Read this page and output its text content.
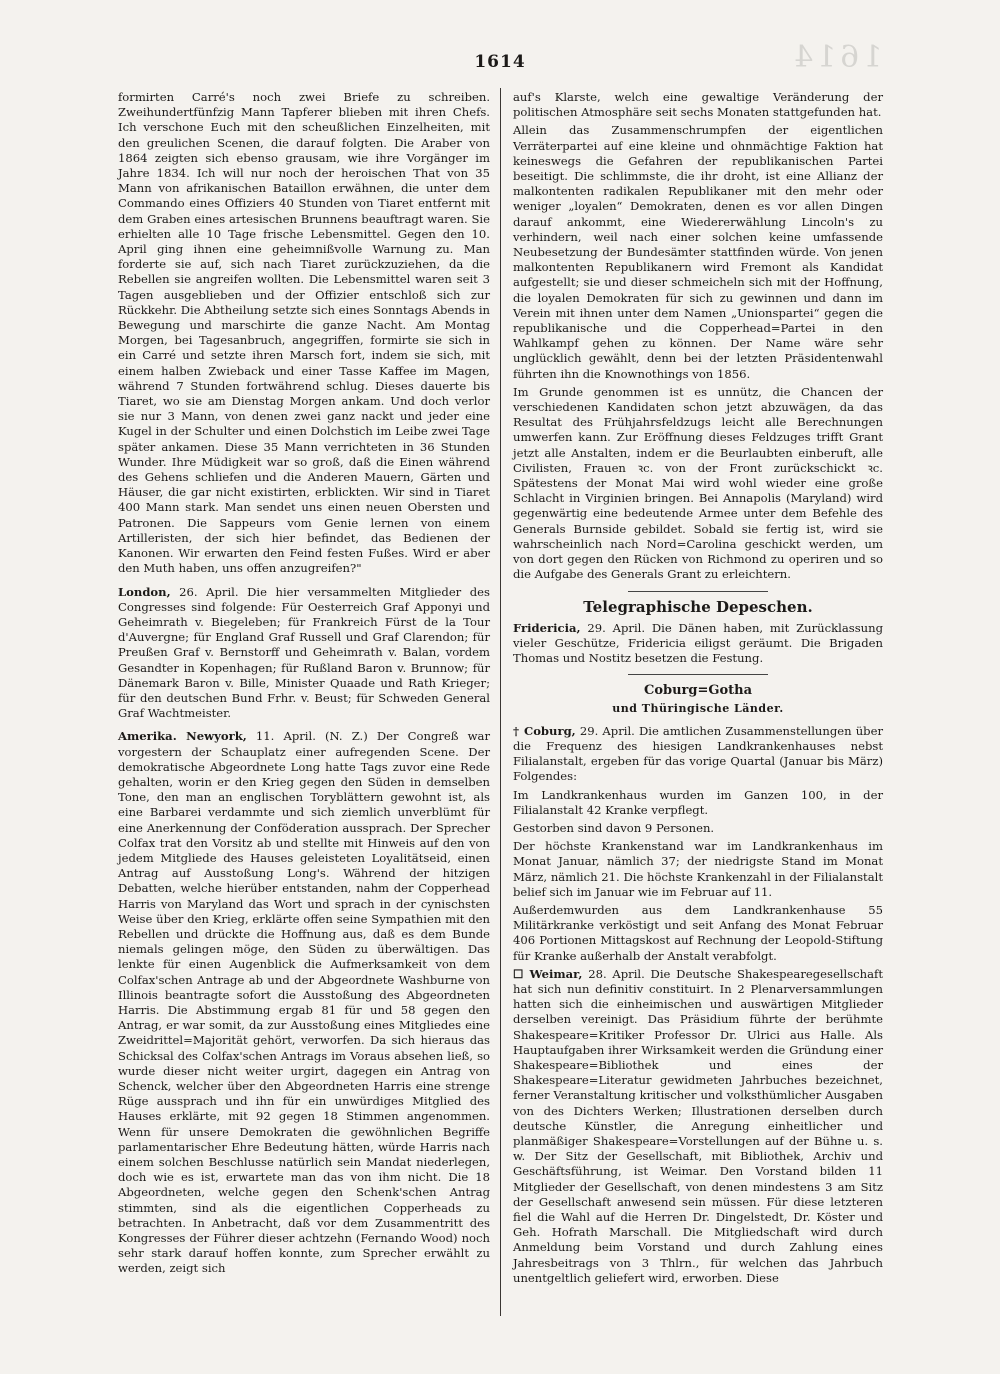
1614
1614

formirten Carré's noch zwei Briefe zu schreiben. Zweihundertfünfzig Mann Tapferer blieben mit ihren Chefs. Ich verschone Euch mit den scheußlichen Einzelheiten, mit den greulichen Scenen, die darauf folgten. Die Araber von 1864 zeigten sich ebenso grausam, wie ihre Vorgänger im Jahre 1834. Ich will nur noch der heroischen That von 35 Mann von afrikanischen Bataillon erwähnen, die unter dem Commando eines Offiziers 40 Stunden von Tiaret entfernt mit dem Graben eines artesischen Brunnens beauftragt waren. Sie erhielten alle 10 Tage frische Lebensmittel. Gegen den 10. April ging ihnen eine geheimnißvolle Warnung zu. Man forderte sie auf, sich nach Tiaret zurückzuziehen, da die Rebellen sie angreifen wollten. Die Lebensmittel waren seit 3 Tagen ausgeblieben und der Offizier entschloß sich zur Rückkehr. Die Abtheilung setzte sich eines Sonntags Abends in Bewegung und marschirte die ganze Nacht. Am Montag Morgen, bei Tagesanbruch, angegriffen, formirte sie sich in ein Carré und setzte ihren Marsch fort, indem sie sich, mit einem halben Zwieback und einer Tasse Kaffee im Magen, während 7 Stunden fortwährend schlug. Dieses dauerte bis Tiaret, wo sie am Dienstag Morgen ankam. Und doch verlor sie nur 3 Mann, von denen zwei ganz nackt und jeder eine Kugel in der Schulter und einen Dolchstich im Leibe zwei Tage später ankamen. Diese 35 Mann verrichteten in 36 Stunden Wunder. Ihre Müdigkeit war so groß, daß die Einen während des Gehens schliefen und die Anderen Mauern, Gärten und Häuser, die gar nicht existirten, erblickten. Wir sind in Tiaret 400 Mann stark. Man sendet uns einen neuen Obersten und Patronen. Die Sappeurs vom Genie lernen von einem Artilleristen, der sich hier befindet, das Bedienen der Kanonen. Wir erwarten den Feind festen Fußes. Wird er aber den Muth haben, uns offen anzugreifen?"

London, 26. April. Die hier versammelten Mitglieder des Congresses sind folgende: Für Oesterreich Graf Apponyi und Geheimrath v. Biegeleben; für Frankreich Fürst de la Tour d'Auvergne; für England Graf Russell und Graf Clarendon; für Preußen Graf v. Bernstorff und Geheimrath v. Balan, vordem Gesandter in Kopenhagen; für Rußland Baron v. Brunnow; für Dänemark Baron v. Bille, Minister Quaade und Rath Krieger; für den deutschen Bund Frhr. v. Beust; für Schweden General Graf Wachtmeister.

Amerika. Newyork, 11. April. (N. Z.) Der Congreß war vorgestern der Schauplatz einer aufregenden Scene. Der demokratische Abgeordnete Long hatte Tags zuvor eine Rede gehalten, worin er den Krieg gegen den Süden in demselben Tone, den man an englischen Toryblättern gewohnt ist, als eine Barbarei verdammte und sich ziemlich unverblümt für eine Anerkennung der Conföderation aussprach. Der Sprecher Colfax trat den Vorsitz ab und stellte mit Hinweis auf den von jedem Mitgliede des Hauses geleisteten Loyalitätseid, einen Antrag auf Ausstoßung Long's. Während der hitzigen Debatten, welche hierüber entstanden, nahm der Copperhead Harris von Maryland das Wort und sprach in der cynischsten Weise über den Krieg, erklärte offen seine Sympathien mit den Rebellen und drückte die Hoffnung aus, daß es dem Bunde niemals gelingen möge, den Süden zu überwältigen. Das lenkte für einen Augenblick die Aufmerksamkeit von dem Colfax'schen Antrage ab und der Abgeordnete Washburne von Illinois beantragte sofort die Ausstoßung des Abgeordneten Harris. Die Abstimmung ergab 81 für und 58 gegen den Antrag, er war somit, da zur Ausstoßung eines Mitgliedes eine Zweidrittel=Majorität gehört, verworfen. Da sich hieraus das Schicksal des Colfax'schen Antrags im Voraus absehen ließ, so wurde dieser nicht weiter urgirt, dagegen ein Antrag von Schenck, welcher über den Abgeordneten Harris eine strenge Rüge aussprach und ihn für ein unwürdiges Mitglied des Hauses erklärte, mit 92 gegen 18 Stimmen angenommen. Wenn für unsere Demokraten die gewöhnlichen Begriffe parlamentarischer Ehre Bedeutung hätten, würde Harris nach einem solchen Beschlusse natürlich sein Mandat niederlegen, doch wie es ist, erwartete man das von ihm nicht. Die 18 Abgeordneten, welche gegen den Schenk'schen Antrag stimmten, sind als die eigentlichen Copperheads zu betrachten. In Anbetracht, daß vor dem Zusammentritt des Kongresses der Führer dieser achtzehn (Fernando Wood) noch sehr stark darauf hoffen konnte, zum Sprecher erwählt zu werden, zeigt sich

auf's Klarste, welch eine gewaltige Veränderung der politischen Atmosphäre seit sechs Monaten stattgefunden hat.

Allein das Zusammenschrumpfen der eigentlichen Verräterpartei auf eine kleine und ohnmächtige Faktion hat keineswegs die Gefahren der republikanischen Partei beseitigt. Die schlimmste, die ihr droht, ist eine Allianz der malkontenten radikalen Republikaner mit den mehr oder weniger „loyalen“ Demokraten, denen es vor allen Dingen darauf ankommt, eine Wiedererwählung Lincoln's zu verhindern, weil nach einer solchen keine umfassende Neubesetzung der Bundesämter stattfinden würde. Von jenen malkontenten Republikanern wird Fremont als Kandidat aufgestellt; sie und dieser schmeicheln sich mit der Hoffnung, die loyalen Demokraten für sich zu gewinnen und dann im Verein mit ihnen unter dem Namen „Unionspartei“ gegen die republikanische und die Copperhead=Partei in den Wahlkampf gehen zu können. Der Name wäre sehr unglücklich gewählt, denn bei der letzten Präsidentenwahl führten ihn die Knownothings von 1856.

Im Grunde genommen ist es unnütz, die Chancen der verschiedenen Kandidaten schon jetzt abzuwägen, da das Resultat des Frühjahrsfeldzugs leicht alle Berechnungen umwerfen kann. Zur Eröffnung dieses Feldzuges trifft Grant jetzt alle Anstalten, indem er die Beurlaubten einberuft, alle Civilisten, Frauen ꝛc. von der Front zurückschickt ꝛc. Spätestens der Monat Mai wird wohl wieder eine große Schlacht in Virginien bringen. Bei Annapolis (Maryland) wird gegenwärtig eine bedeutende Armee unter dem Befehle des Generals Burnside gebildet. Sobald sie fertig ist, wird sie wahrscheinlich nach Nord=Carolina geschickt werden, um von dort gegen den Rücken von Richmond zu operiren und so die Aufgabe des Generals Grant zu erleichtern.

Telegraphische Depeschen.

Fridericia, 29. April. Die Dänen haben, mit Zurücklassung vieler Geschütze, Fridericia eiligst geräumt. Die Brigaden Thomas und Nostitz besetzen die Festung.

Coburg=Gotha
und Thüringische Länder.

† Coburg, 29. April. Die amtlichen Zusammenstellungen über die Frequenz des hiesigen Landkrankenhauses nebst Filialanstalt, ergeben für das vorige Quartal (Januar bis März) Folgendes:

Im Landkrankenhaus wurden im Ganzen 100, in der Filialanstalt 42 Kranke verpflegt.

Gestorben sind davon 9 Personen.

Der höchste Krankenstand war im Landkrankenhaus im Monat Januar, nämlich 37; der niedrigste Stand im Monat März, nämlich 21. Die höchste Krankenzahl in der Filialanstalt belief sich im Januar wie im Februar auf 11.

Außerdemwurden aus dem Landkrankenhause 55 Militärkranke verköstigt und seit Anfang des Monat Februar 406 Portionen Mittagskost auf Rechnung der Leopold-Stiftung für Kranke außerhalb der Anstalt verabfolgt.

☐ Weimar, 28. April. Die Deutsche Shakespearegesellschaft hat sich nun definitiv constituirt. In 2 Plenarversammlungen hatten sich die einheimischen und auswärtigen Mitglieder derselben vereinigt. Das Präsidium führte der berühmte Shakespeare=Kritiker Professor Dr. Ulrici aus Halle. Als Hauptaufgaben ihrer Wirksamkeit werden die Gründung einer Shakespeare=Bibliothek und eines der Shakespeare=Literatur gewidmeten Jahrbuches bezeichnet, ferner Veranstaltung kritischer und volksthümlicher Ausgaben von des Dichters Werken; Illustrationen derselben durch deutsche Künstler, die Anregung einheitlicher und planmäßiger Shakespeare=Vorstellungen auf der Bühne u. s. w. Der Sitz der Gesellschaft, mit Bibliothek, Archiv und Geschäftsführung, ist Weimar. Den Vorstand bilden 11 Mitglieder der Gesellschaft, von denen mindestens 3 am Sitz der Gesellschaft anwesend sein müssen. Für diese letzteren fiel die Wahl auf die Herren Dr. Dingelstedt, Dr. Köster und Geh. Hofrath Marschall. Die Mitgliedschaft wird durch Anmeldung beim Vorstand und durch Zahlung eines Jahresbeitrags von 3 Thlrn., für welchen das Jahrbuch unentgeltlich geliefert wird, erworben. Diese
